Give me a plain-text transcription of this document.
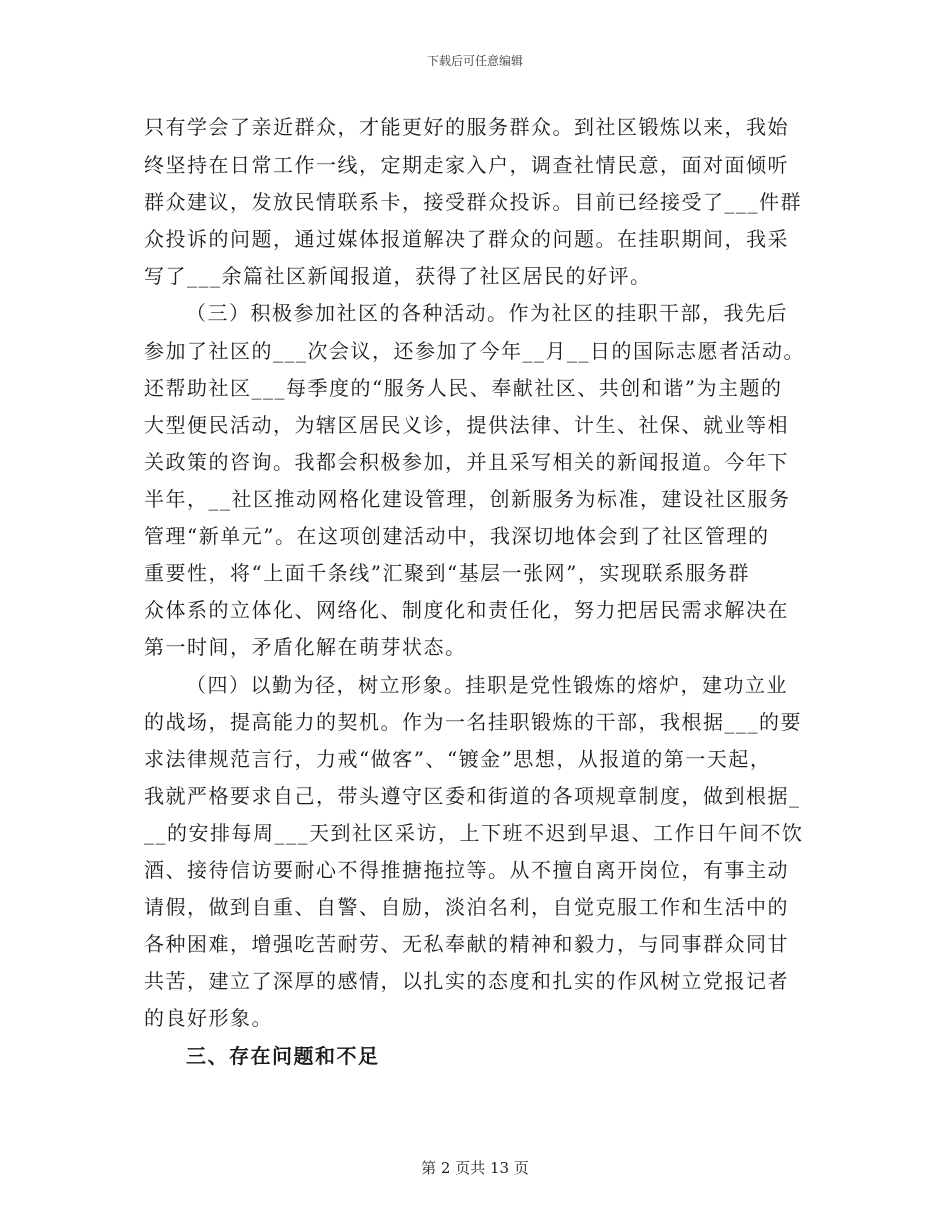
下载后可任意编辑
只有学会了亲近群众，才能更好的服务群众。到社区锻炼以来，我始
终坚持在日常工作一线，定期走家入户，调查社情民意，面对面倾听
群众建议，发放民情联系卡，接受群众投诉。目前已经接受了___件群
众投诉的问题，通过媒体报道解决了群众的问题。在挂职期间，我采
写了___余篇社区新闻报道，获得了社区居民的好评。
（三）积极参加社区的各种活动。作为社区的挂职干部，我先后
参加了社区的___次会议，还参加了今年__月__日的国际志愿者活动。
还帮助社区___每季度的“服务人民、奉献社区、共创和谐”为主题的
大型便民活动，为辖区居民义诊，提供法律、计生、社保、就业等相
关政策的咨询。我都会积极参加，并且采写相关的新闻报道。今年下
半年，__社区推动网格化建设管理，创新服务为标准，建设社区服务
管理“新单元”。在这项创建活动中，我深切地体会到了社区管理的
重要性，将“上面千条线”汇聚到“基层一张网”，实现联系服务群
众体系的立体化、网络化、制度化和责任化，努力把居民需求解决在
第一时间，矛盾化解在萌芽状态。
（四）以勤为径，树立形象。挂职是党性锻炼的熔炉，建功立业
的战场，提高能力的契机。作为一名挂职锻炼的干部，我根据___的要
求法律规范言行，力戒“做客”、“镀金”思想，从报道的第一天起，
我就严格要求自己，带头遵守区委和街道的各项规章制度，做到根据_
__的安排每周___天到社区采访，上下班不迟到早退、工作日午间不饮
酒、接待信访要耐心不得推搪拖拉等。从不擅自离开岗位，有事主动
请假，做到自重、自警、自励，淡泊名利，自觉克服工作和生活中的
各种困难，增强吃苦耐劳、无私奉献的精神和毅力，与同事群众同甘
共苦，建立了深厚的感情，以扎实的态度和扎实的作风树立党报记者
的良好形象。
三、存在问题和不足
第 2 页共 13 页
